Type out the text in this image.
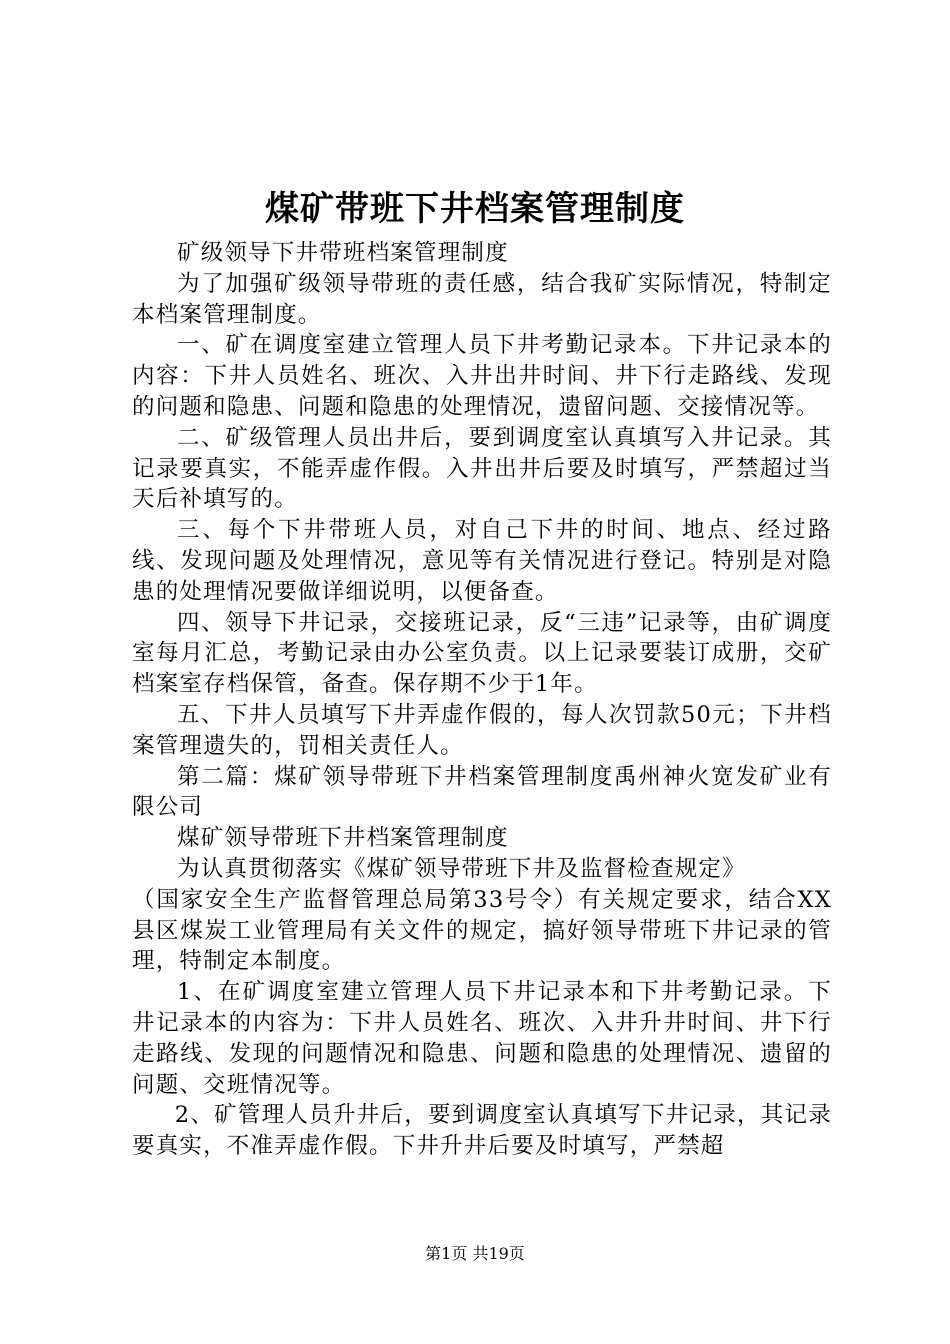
煤矿带班下井档案管理制度

矿级领导下井带班档案管理制度

为了加强矿级领导带班的责任感，结合我矿实际情况，特制定本档案管理制度。

一、矿在调度室建立管理人员下井考勤记录本。下井记录本的内容：下井人员姓名、班次、入井出井时间、井下行走路线、发现的问题和隐患、问题和隐患的处理情况，遗留问题、交接情况等。

二、矿级管理人员出井后，要到调度室认真填写入井记录。其记录要真实，不能弄虚作假。入井出井后要及时填写，严禁超过当天后补填写的。

三、每个下井带班人员，对自己下井的时间、地点、经过路线、发现问题及处理情况，意见等有关情况进行登记。特别是对隐患的处理情况要做详细说明，以便备查。

四、领导下井记录，交接班记录，反“三违”记录等，由矿调度室每月汇总，考勤记录由办公室负责。以上记录要装订成册，交矿档案室存档保管，备查。保存期不少于1年。

五、下井人员填写下井弄虚作假的，每人次罚款50元；下井档案管理遗失的，罚相关责任人。

第二篇：煤矿领导带班下井档案管理制度禹州神火宽发矿业有限公司

煤矿领导带班下井档案管理制度

为认真贯彻落实《煤矿领导带班下井及监督检查规定》

（国家安全生产监督管理总局第33号令）有关规定要求，结合XX县区煤炭工业管理局有关文件的规定，搞好领导带班下井记录的管理，特制定本制度。

1、在矿调度室建立管理人员下井记录本和下井考勤记录。下井记录本的内容为：下井人员姓名、班次、入井升井时间、井下行走路线、发现的问题情况和隐患、问题和隐患的处理情况、遗留的问题、交班情况等。

2、矿管理人员升井后，要到调度室认真填写下井记录，其记录要真实，不准弄虚作假。下井升井后要及时填写，严禁超

第1页 共19页
